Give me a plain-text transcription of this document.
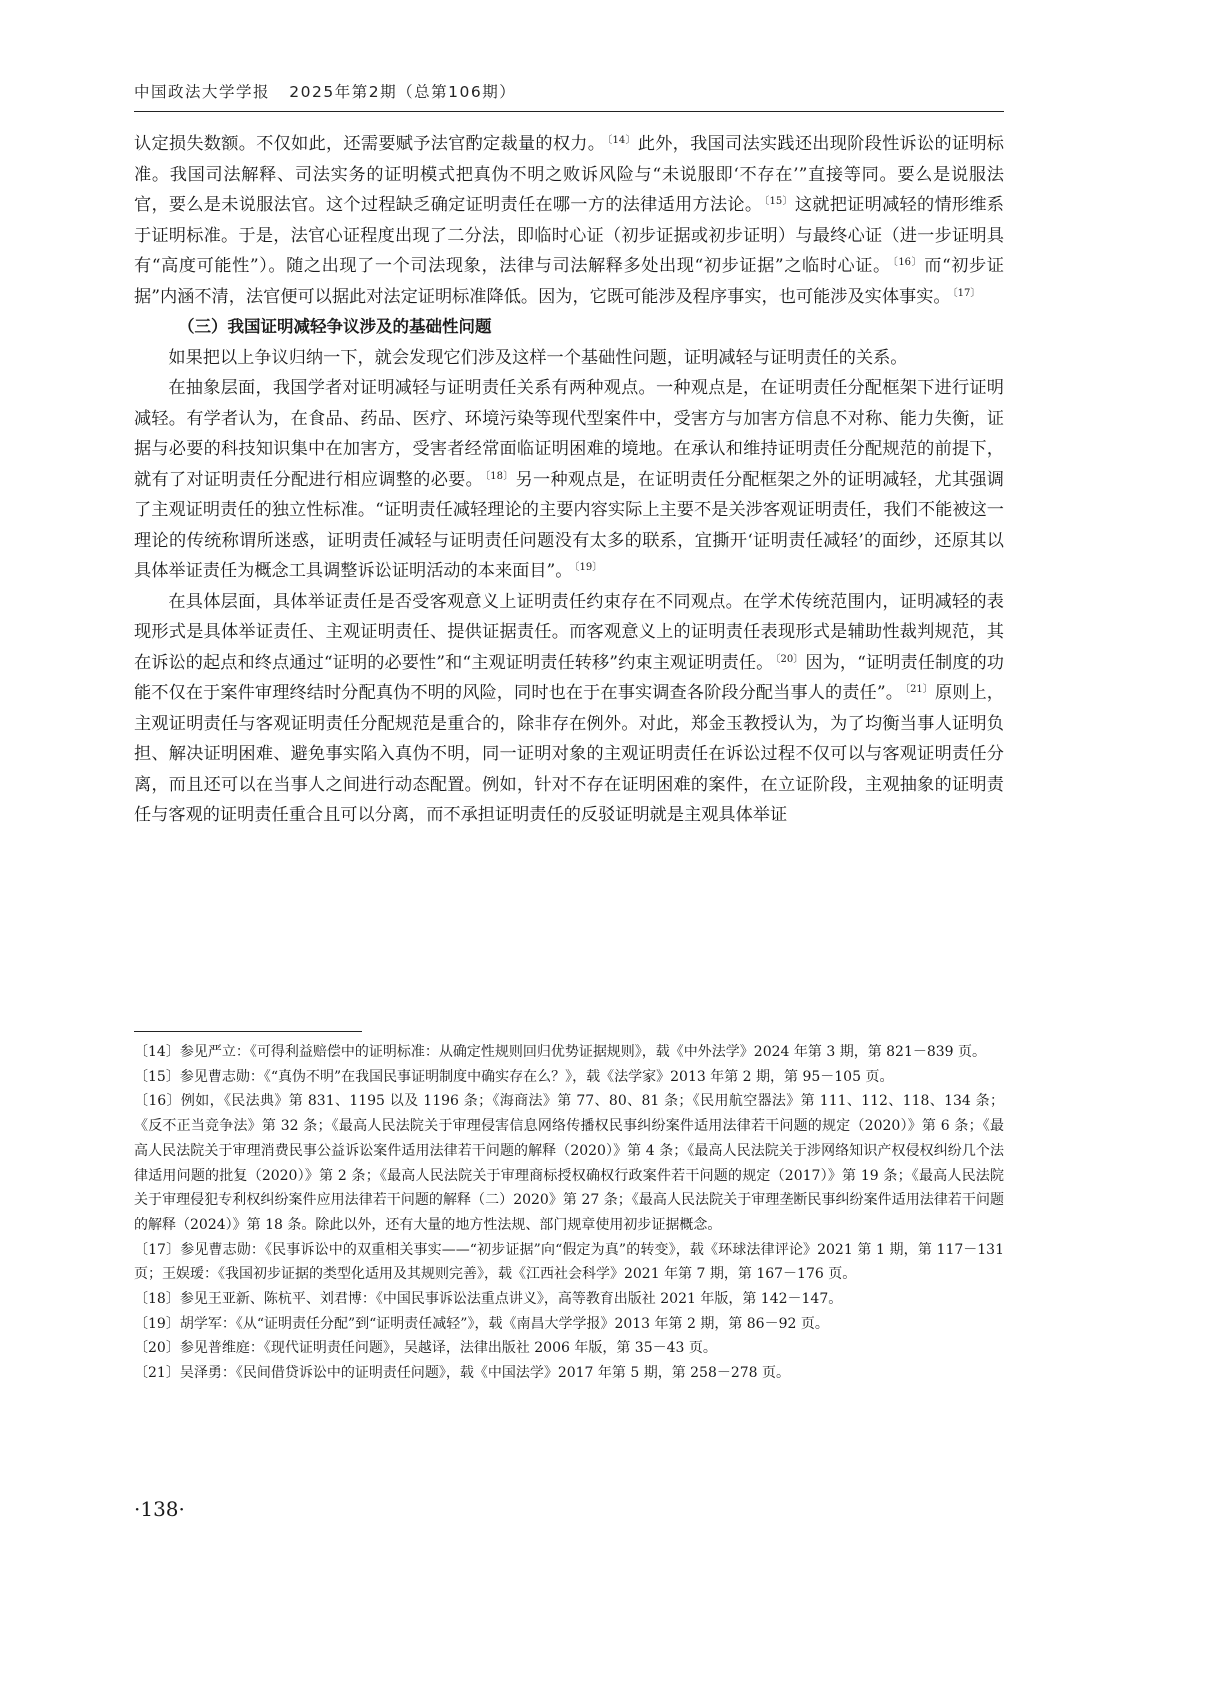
中国政法大学学报 2025年第2期（总第106期）

认定损失数额。不仅如此，还需要赋予法官酌定裁量的权力。 $^{〔14〕}$ 此外，我国司法实践还出现阶段性诉讼的证明标准。我国司法解释、司法实务的证明模式把真伪不明之败诉风险与“未说服即‘不存在’”直接等同。要么是说服法官，要么是未说服法官。这个过程缺乏确定证明责任在哪一方的法律适用方法论。 $^{〔15〕}$ 这就把证明减轻的情形维系于证明标准。于是，法官心证程度出现了二分法，即临时心证（初步证据或初步证明）与最终心证（进一步证明具有“高度可能性”）。随之出现了一个司法现象，法律与司法解释多处出现“初步证据”之临时心证。 $^{〔16〕}$ 而“初步证据”内涵不清，法官便可以据此对法定证明标准降低。因为，它既可能涉及程序事实，也可能涉及实体事实。 $^{〔17〕}$

（三）我国证明减轻争议涉及的基础性问题

如果把以上争议归纳一下，就会发现它们涉及这样一个基础性问题，证明减轻与证明责任的关系。

在抽象层面，我国学者对证明减轻与证明责任关系有两种观点。一种观点是，在证明责任分配框架下进行证明减轻。有学者认为，在食品、药品、医疗、环境污染等现代型案件中，受害方与加害方信息不对称、能力失衡，证据与必要的科技知识集中在加害方，受害者经常面临证明困难的境地。在承认和维持证明责任分配规范的前提下，就有了对证明责任分配进行相应调整的必要。 $^{〔18〕}$ 另一种观点是，在证明责任分配框架之外的证明减轻，尤其强调了主观证明责任的独立性标准。“证明责任减轻理论的主要内容实际上主要不是关涉客观证明责任，我们不能被这一理论的传统称谓所迷惑，证明责任减轻与证明责任问题没有太多的联系，宜撕开‘证明责任减轻’的面纱，还原其以具体举证责任为概念工具调整诉讼证明活动的本来面目”。 $^{〔19〕}$

在具体层面，具体举证责任是否受客观意义上证明责任约束存在不同观点。在学术传统范围内，证明减轻的表现形式是具体举证责任、主观证明责任、提供证据责任。而客观意义上的证明责任表现形式是辅助性裁判规范，其在诉讼的起点和终点通过“证明的必要性”和“主观证明责任转移”约束主观证明责任。 $^{〔20〕}$ 因为，“证明责任制度的功能不仅在于案件审理终结时分配真伪不明的风险，同时也在于在事实调查各阶段分配当事人的责任”。 $^{〔21〕}$ 原则上，主观证明责任与客观证明责任分配规范是重合的，除非存在例外。对此，郑金玉教授认为，为了均衡当事人证明负担、解决证明困难、避免事实陷入真伪不明，同一证明对象的主观证明责任在诉讼过程不仅可以与客观证明责任分离，而且还可以在当事人之间进行动态配置。例如，针对不存在证明困难的案件，在立证阶段，主观抽象的证明责任与客观的证明责任重合且可以分离，而不承担证明责任的反驳证明就是主观具体举证

〔14〕参见严立：《可得利益赔偿中的证明标准：从确定性规则回归优势证据规则》，载《中外法学》2024 年第 3 期，第 821－839 页。

〔15〕参见曹志勋：《“真伪不明”在我国民事证明制度中确实存在么？》，载《法学家》2013 年第 2 期，第 95－105 页。

〔16〕例如，《民法典》第 831、1195 以及 1196 条；《海商法》第 77、80、81 条；《民用航空器法》第 111、112、118、134 条；《反不正当竞争法》第 32 条；《最高人民法院关于审理侵害信息网络传播权民事纠纷案件适用法律若干问题的规定（2020）》第 6 条；《最高人民法院关于审理消费民事公益诉讼案件适用法律若干问题的解释（2020）》第 4 条；《最高人民法院关于涉网络知识产权侵权纠纷几个法律适用问题的批复（2020）》第 2 条；《最高人民法院关于审理商标授权确权行政案件若干问题的规定（2017）》第 19 条；《最高人民法院关于审理侵犯专利权纠纷案件应用法律若干问题的解释（二）2020》第 27 条；《最高人民法院关于审理垄断民事纠纷案件适用法律若干问题的解释（2024）》第 18 条。除此以外，还有大量的地方性法规、部门规章使用初步证据概念。

〔17〕参见曹志勋：《民事诉讼中的双重相关事实——“初步证据”向“假定为真”的转变》，载《环球法律评论》2021 第 1 期，第 117－131 页；王娱瑷：《我国初步证据的类型化适用及其规则完善》，载《江西社会科学》2021 年第 7 期，第 167－176 页。

〔18〕参见王亚新、陈杭平、刘君博：《中国民事诉讼法重点讲义》，高等教育出版社 2021 年版，第 142－147。

〔19〕胡学军：《从“证明责任分配”到“证明责任减轻”》，载《南昌大学学报》2013 年第 2 期，第 86－92 页。

〔20〕参见普维庭：《现代证明责任问题》，吴越译，法律出版社 2006 年版，第 35－43 页。

〔21〕吴泽勇：《民间借贷诉讼中的证明责任问题》，载《中国法学》2017 年第 5 期，第 258－278 页。

·138·
